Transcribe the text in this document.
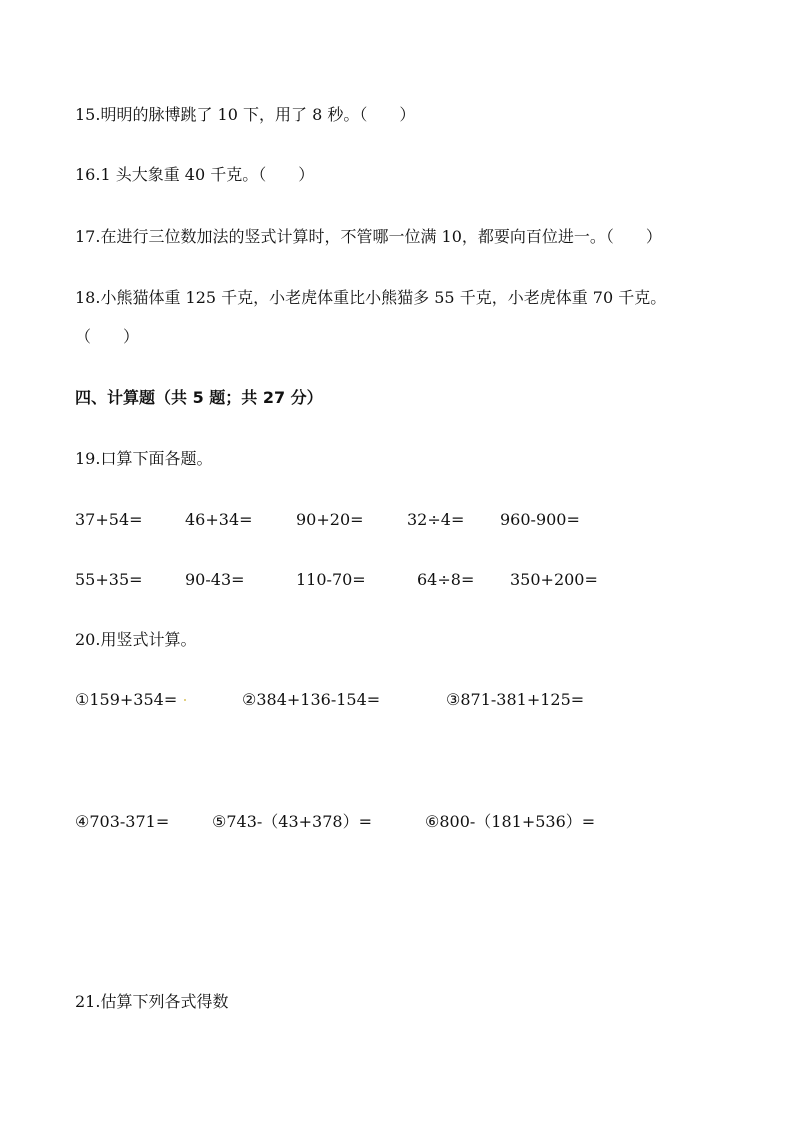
15.明明的脉博跳了 10 下，用了 8 秒。（　　）
16.1 头大象重 40 千克。（　　）
17.在进行三位数加法的竖式计算时，不管哪一位满 10，都要向百位进一。（　　）
18.小熊猫体重 125 千克，小老虎体重比小熊猫多 55 千克，小老虎体重 70 千克。
（　　）
四、计算题（共 5 题；共 27 分）
19.口算下面各题。
37+54=	46+34=	90+20=	32÷4= 960-900=
55+35=	90-43=	110-70=	64÷8= 350+200=
20.用竖式计算。
①159+354=	②384+136-154=	③871-381+125=
④703-371=	⑤743-（43+378）=	⑥800-（181+536）=
21.估算下列各式得数
